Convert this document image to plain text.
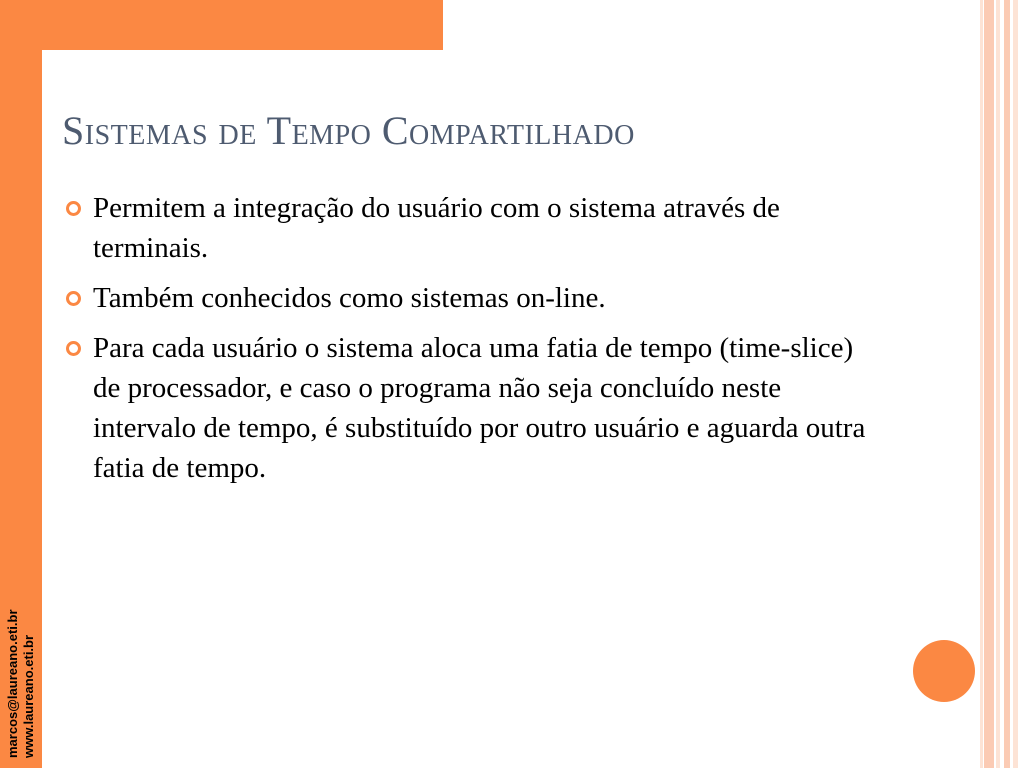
marcos@laureano.eti.br www.laureano.eti.br
Sistemas de Tempo Compartilhado
Permitem a integração do usuário com o sistema através de terminais.
Também conhecidos como sistemas on-line.
Para cada usuário o sistema aloca uma fatia de tempo (time-slice) de processador, e caso o programa não seja concluído neste intervalo de tempo, é substituído por outro usuário e aguarda outra fatia de tempo.
